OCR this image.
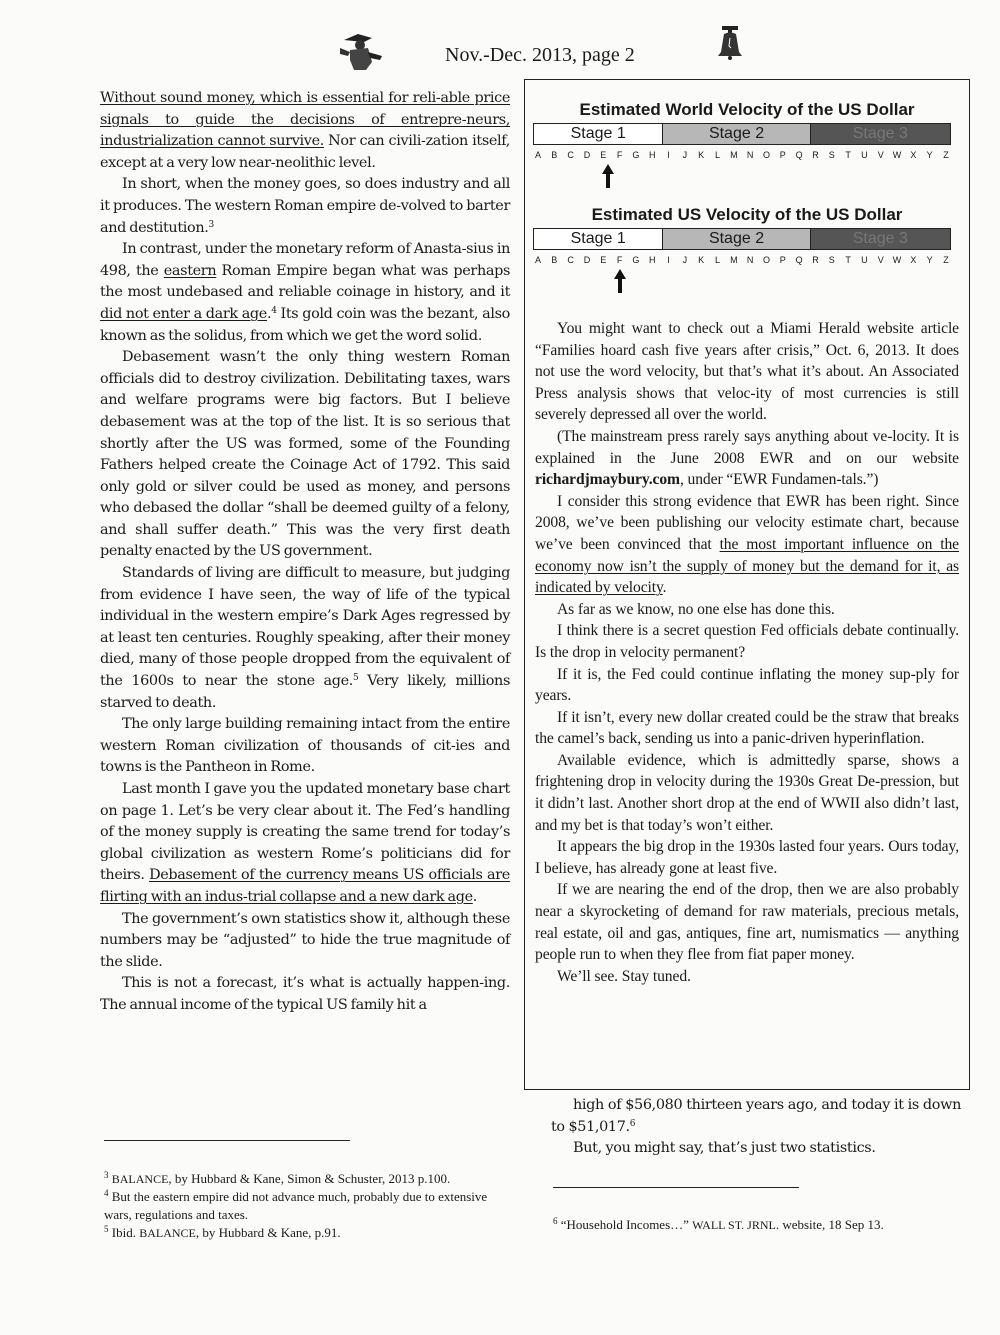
Nov.-Dec. 2013, page 2

Without sound money, which is essential for reli-able price signals to guide the decisions of entrepre-neurs, industrialization cannot survive. Nor can civili-zation itself, except at a very low near-neolithic level.

In short, when the money goes, so does industry and all it produces. The western Roman empire de-volved to barter and destitution.$^3$

In contrast, under the monetary reform of Anasta-sius in 498, the eastern Roman Empire began what was perhaps the most undebased and reliable coinage in history, and it did not enter a dark age.$^4$ Its gold coin was the bezant, also known as the solidus, from which we get the word solid.

Debasement wasn’t the only thing western Roman officials did to destroy civilization. Debilitating taxes, wars and welfare programs were big factors. But I believe debasement was at the top of the list. It is so serious that shortly after the US was formed, some of the Founding Fathers helped create the Coinage Act of 1792. This said only gold or silver could be used as money, and persons who debased the dollar “shall be deemed guilty of a felony, and shall suffer death.” This was the very first death penalty enacted by the US government.

Standards of living are difficult to measure, but judging from evidence I have seen, the way of life of the typical individual in the western empire’s Dark Ages regressed by at least ten centuries. Roughly speaking, after their money died, many of those people dropped from the equivalent of the 1600s to near the stone age.$^5$ Very likely, millions starved to death.

The only large building remaining intact from the entire western Roman civilization of thousands of cit-ies and towns is the Pantheon in Rome.

Last month I gave you the updated monetary base chart on page 1. Let’s be very clear about it. The Fed’s handling of the money supply is creating the same trend for today’s global civilization as western Rome’s politicians did for theirs. Debasement of the currency means US officials are flirting with an indus-trial collapse and a new dark age.

The government’s own statistics show it, although these numbers may be “adjusted” to hide the true magnitude of the slide.

This is not a forecast, it’s what is actually happen-ing. The annual income of the typical US family hit a

Estimated World Velocity of the US Dollar
Stage 1	Stage 2	Stage 3
A B C D E F G H I J K L M N O P Q R S T U V W X Y Z
Estimated US Velocity of the US Dollar
Stage 1	Stage 2	Stage 3
A B C D E F G H I J K L M N O P Q R S T U V W X Y Z

You might want to check out a Miami Herald website article “Families hoard cash five years after crisis,” Oct. 6, 2013. It does not use the word velocity, but that’s what it’s about. An Associated Press analysis shows that veloc-ity of most currencies is still severely depressed all over the world.

(The mainstream press rarely says anything about ve-locity. It is explained in the June 2008 EWR and on our website richardjmaybury.com, under “EWR Fundamen-tals.”)

I consider this strong evidence that EWR has been right. Since 2008, we’ve been publishing our velocity estimate chart, because we’ve been convinced that the most important influence on the economy now isn’t the supply of money but the demand for it, as indicated by velocity.

As far as we know, no one else has done this.

I think there is a secret question Fed officials debate continually. Is the drop in velocity permanent?

If it is, the Fed could continue inflating the money sup-ply for years.

If it isn’t, every new dollar created could be the straw that breaks the camel’s back, sending us into a panic-driven hyperinflation.

Available evidence, which is admittedly sparse, shows a frightening drop in velocity during the 1930s Great De-pression, but it didn’t last. Another short drop at the end of WWII also didn’t last, and my bet is that today’s won’t either.

It appears the big drop in the 1930s lasted four years. Ours today, I believe, has already gone at least five.

If we are nearing the end of the drop, then we are also probably near a skyrocketing of demand for raw materials, precious metals, real estate, oil and gas, antiques, fine art, numismatics — anything people run to when they flee from fiat paper money.

We’ll see. Stay tuned.

high of $56,080 thirteen years ago, and today it is down to $51,017.$^6$

But, you might say, that’s just two statistics.

$^3$ BALANCE, by Hubbard & Kane, Simon & Schuster, 2013 p.100.

$^4$ But the eastern empire did not advance much, probably due to extensive wars, regulations and taxes.

$^5$ Ibid. BALANCE, by Hubbard & Kane, p.91.

$^6$ “Household Incomes…” WALL ST. JRNL. website, 18 Sep 13.
